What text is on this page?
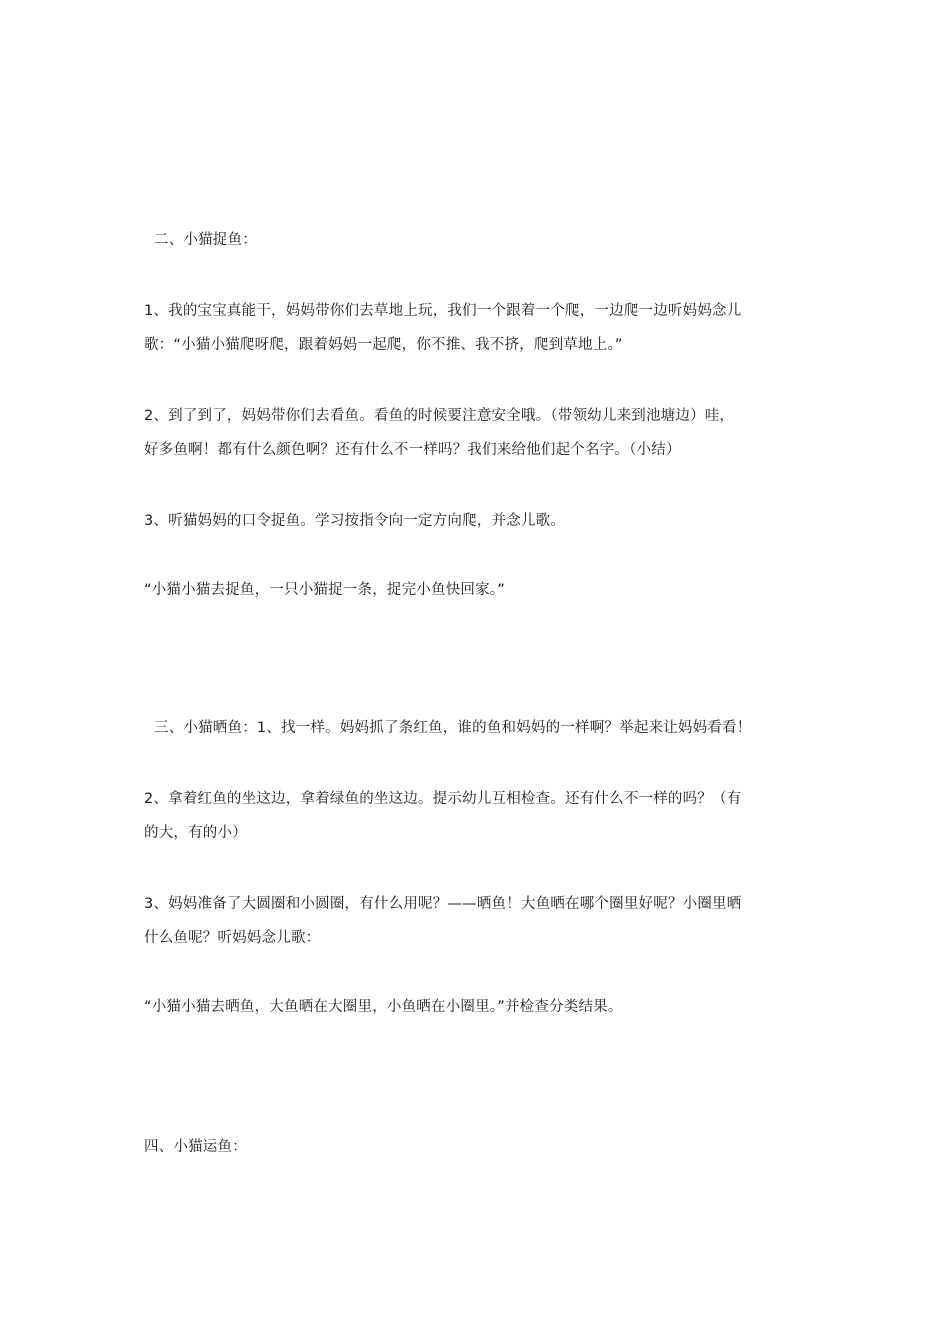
二、小猫捉鱼：
1、我的宝宝真能干，妈妈带你们去草地上玩，我们一个跟着一个爬，一边爬一边听妈妈念儿
歌：“小猫小猫爬呀爬，跟着妈妈一起爬，你不推、我不挤，爬到草地上。”
2、到了到了，妈妈带你们去看鱼。看鱼的时候要注意安全哦。（带领幼儿来到池塘边）哇，
好多鱼啊！都有什么颜色啊？还有什么不一样吗？我们来给他们起个名字。（小结）
3、听猫妈妈的口令捉鱼。学习按指令向一定方向爬，并念儿歌。
“小猫小猫去捉鱼，一只小猫捉一条，捉完小鱼快回家。”
三、小猫晒鱼：1、找一样。妈妈抓了条红鱼，谁的鱼和妈妈的一样啊？举起来让妈妈看看！
2、拿着红鱼的坐这边，拿着绿鱼的坐这边。提示幼儿互相检查。还有什么不一样的吗？（有
的大，有的小）
3、妈妈准备了大圆圈和小圆圈，有什么用呢？——晒鱼！大鱼晒在哪个圈里好呢？小圈里晒
什么鱼呢？听妈妈念儿歌：
“小猫小猫去晒鱼，大鱼晒在大圈里，小鱼晒在小圈里。”并检查分类结果。
四、小猫运鱼：
